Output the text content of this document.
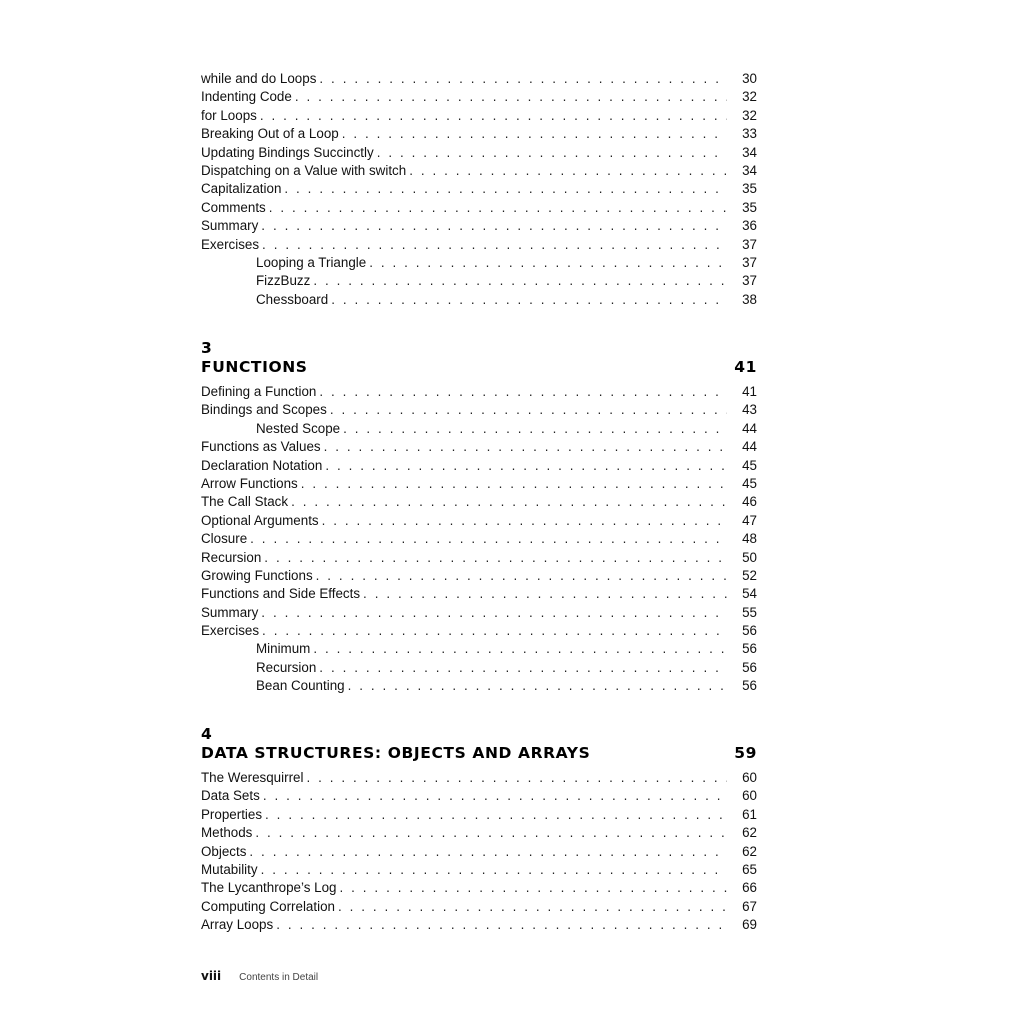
while and do Loops . . .	30
Indenting Code . . .	32
for Loops . . .	32
Breaking Out of a Loop . . .	33
Updating Bindings Succinctly . . .	34
Dispatching on a Value with switch . . .	34
Capitalization . . .	35
Comments . . .	35
Summary . . .	36
Exercises . . .	37
Looping a Triangle . . .	37
FizzBuzz . . .	37
Chessboard . . .	38
3
FUNCTIONS	41
Defining a Function . . .	41
Bindings and Scopes . . .	43
Nested Scope . . .	44
Functions as Values . . .	44
Declaration Notation . . .	45
Arrow Functions . . .	45
The Call Stack . . .	46
Optional Arguments . . .	47
Closure . . .	48
Recursion . . .	50
Growing Functions . . .	52
Functions and Side Effects . . .	54
Summary . . .	55
Exercises . . .	56
Minimum . . .	56
Recursion . . .	56
Bean Counting . . .	56
4
DATA STRUCTURES: OBJECTS AND ARRAYS	59
The Weresquirrel . . .	60
Data Sets . . .	60
Properties . . .	61
Methods . . .	62
Objects . . .	62
Mutability . . .	65
The Lycanthrope’s Log . . .	66
Computing Correlation . . .	67
Array Loops . . .	69
viii Contents in Detail
